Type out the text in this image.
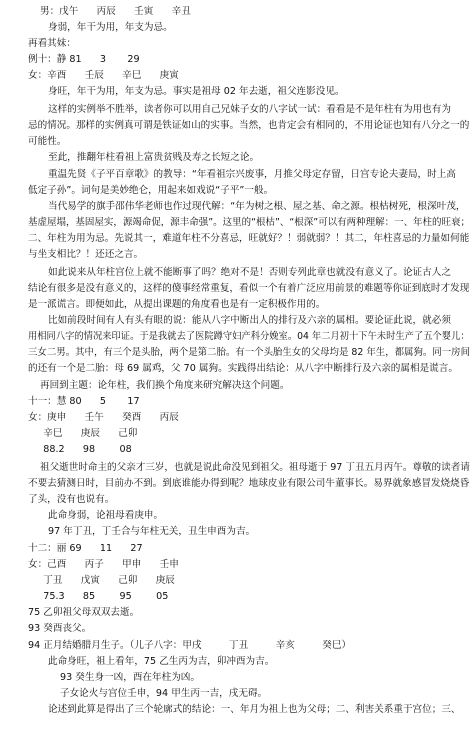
男：戊午      丙辰      壬寅      辛丑
身弱，年干为用，年支为忌。
再看其妹：
例十：静 81      3       29
女：辛酉      壬辰      辛巳      庚寅
身旺，年干为用，年支为忌。事实是祖母 02 年去逝，祖父连影没见。
这样的实例举不胜举，读者你可以用自己兄妹子女的八字试一试：看看是不是年柱有为用也有为
忌的情况。那样的实例真可谓是铁证如山的实事。当然，也肯定会有相同的，不用论证也知有八分之一的
可能性。
至此，推翻年柱看祖上富贵贫贱及寿之长短之论。
重温先贤《子平百章歌》的教导：“年看祖宗兴废事，月推父母定存留，日宫专论夫妻局，时上高
低定子孙”。词句是美妙绝仑，用起来如戏说“子平”一般。
当代易学的旗手邵伟华老师也作过现代解：“年为树之根、屋之基、命之源。根枯树死，根深叶茂，
基虚屋塌，基固屋实，源竭命促，源丰命强”。这里的“根枯”、“根深”可以有两种理解：一、年柱的旺衰；
二、年柱为用为忌。先说其一，难道年柱不分喜忌，旺就好？！弱就弱？！其二，年柱喜忌的力量如何能
与坐支相比？！还还之言。
如此说来从年柱宫位上就不能断事了吗？绝对不是！否则专列此章也就没有意义了。论证古人之
结论有很多是没有意义的，这样的傻事经常重复，看似一个有着广泛应用前景的难题等你证到底时才发现
是一派谎言。即便如此，从提出课题的角度看也是有一定积极作用的。
比如前段时间有人有头有眼的说：能从八字中断出人的排行及六亲的属相。要论证此说，就必须
用相同八字的情况来印证。于是我就去了医院蹲守妇产科分娩室。04 年二月初十下午未时生产了五个婴儿：
三女二男。其中，有三个是头胎，两个是第二胎。有一个头胎生女的父母均是 82 年生，都属狗。同一房间
的还有一个是二胎：母 69 属鸡，父 70 属狗。实践得出结论：从八字中断排行及六亲的属相是谎言。
再回到主题：论年柱，我们换个角度来研究解决这个问题。
十一：慧 80      5       17
女：庚申      壬午      癸酉      丙辰
辛巳      庚辰      己卯
88.2      98        08
祖父逝世时命主的父亲才三岁，也就是说此命没见到祖父。祖母逝于 97 丁丑五月丙午。尊敬的读者请
不要去猜测日时，目前办不到。到底谁能办得到呢？地球皮业有限公司牛董事长。易界就象感冒发烧烧昏
了头，没有也说有。
此命身弱，论祖母看庚申。
97 年丁丑，丁壬合与年柱无关，丑生申酉为吉。
十二：丽 69      11      27
女：己酉      丙子      甲申      壬申
丁丑      戊寅      己卯      庚辰
75.3      85        95        05
75 乙卯祖父母双双去逝。
93 癸酉丧父。
94 正月结婚腊月生子。（儿子八字：甲戌         丁丑         辛亥         癸巳）
此命身旺，祖上看年，75 乙生丙为吉，卯冲酉为吉。
93 癸生身一凶，酉在年柱为凶。
子女论火与宫位壬申，94 甲生丙一吉，戌无碍。
论述到此算是得出了三个轮廓式的结论：一、年月为祖上也为父母；二、利害关系重于宫位；三、
